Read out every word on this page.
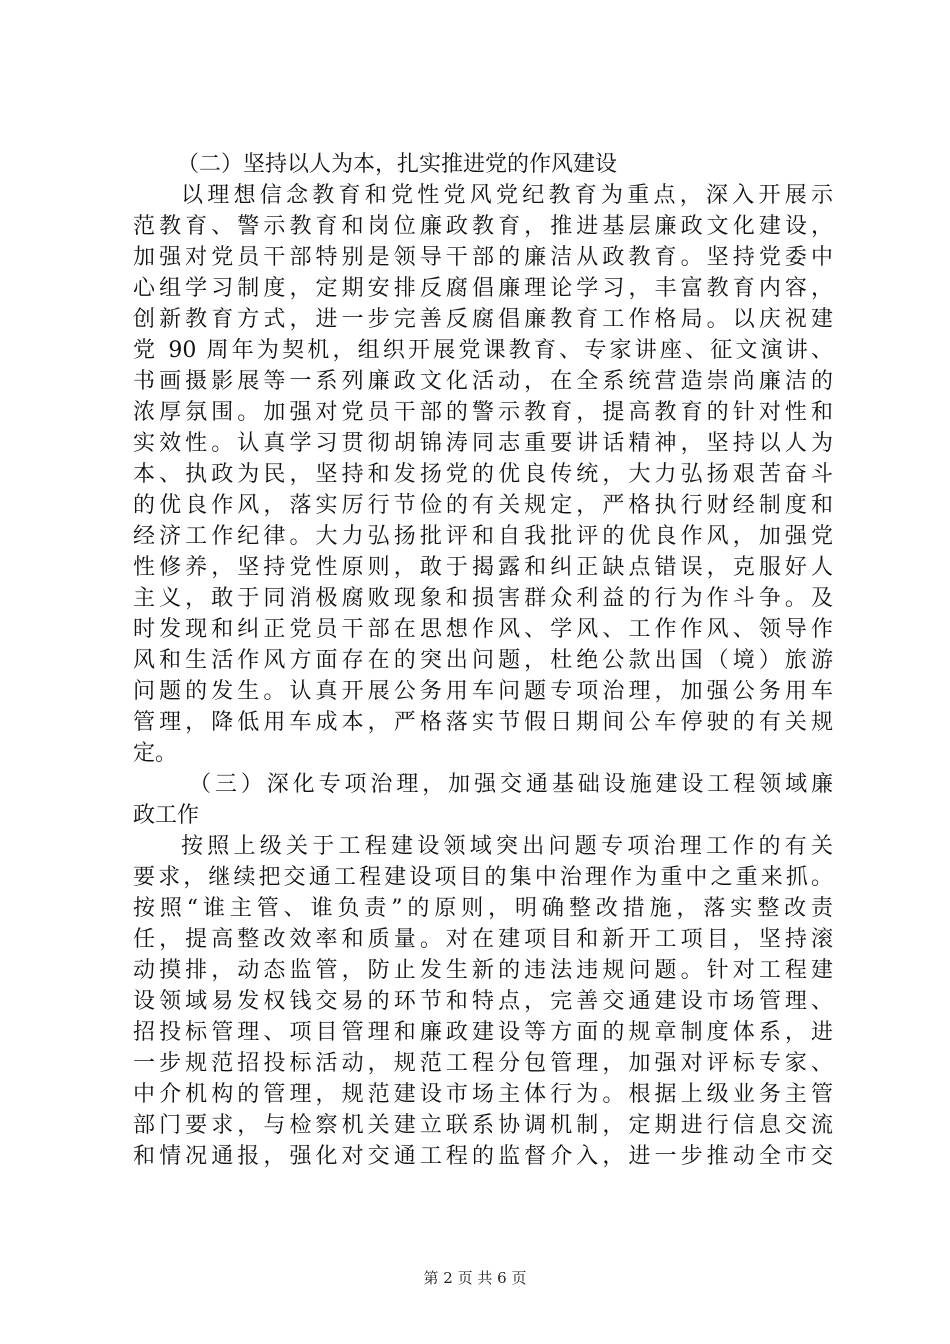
（二）坚持以人为本，扎实推进党的作风建设
以理想信念教育和党性党风党纪教育为重点，深入开展示
范教育、警示教育和岗位廉政教育，推进基层廉政文化建设，
加强对党员干部特别是领导干部的廉洁从政教育。坚持党委中
心组学习制度，定期安排反腐倡廉理论学习，丰富教育内容，
创新教育方式，进一步完善反腐倡廉教育工作格局。以庆祝建
党 90 周年为契机，组织开展党课教育、专家讲座、征文演讲、
书画摄影展等一系列廉政文化活动，在全系统营造崇尚廉洁的
浓厚氛围。加强对党员干部的警示教育，提高教育的针对性和
实效性。认真学习贯彻胡锦涛同志重要讲话精神，坚持以人为
本、执政为民，坚持和发扬党的优良传统，大力弘扬艰苦奋斗
的优良作风，落实厉行节俭的有关规定，严格执行财经制度和
经济工作纪律。大力弘扬批评和自我批评的优良作风，加强党
性修养，坚持党性原则，敢于揭露和纠正缺点错误，克服好人
主义，敢于同消极腐败现象和损害群众利益的行为作斗争。及
时发现和纠正党员干部在思想作风、学风、工作作风、领导作
风和生活作风方面存在的突出问题，杜绝公款出国（境）旅游
问题的发生。认真开展公务用车问题专项治理，加强公务用车
管理，降低用车成本，严格落实节假日期间公车停驶的有关规
定。
（三）深化专项治理，加强交通基础设施建设工程领域廉
政工作
按照上级关于工程建设领域突出问题专项治理工作的有关
要求，继续把交通工程建设项目的集中治理作为重中之重来抓。
按照“谁主管、谁负责”的原则，明确整改措施，落实整改责
任，提高整改效率和质量。对在建项目和新开工项目，坚持滚
动摸排，动态监管，防止发生新的违法违规问题。针对工程建
设领域易发权钱交易的环节和特点，完善交通建设市场管理、
招投标管理、项目管理和廉政建设等方面的规章制度体系，进
一步规范招投标活动，规范工程分包管理，加强对评标专家、
中介机构的管理，规范建设市场主体行为。根据上级业务主管
部门要求，与检察机关建立联系协调机制，定期进行信息交流
和情况通报，强化对交通工程的监督介入，进一步推动全市交
第 2 页 共 6 页
